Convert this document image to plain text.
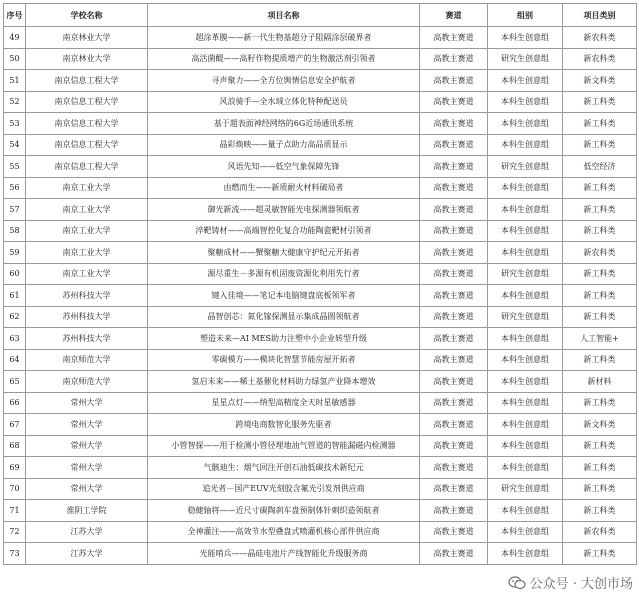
序号	学校名称	项目名称	赛道	组别	项目类别
49	南京林业大学	超涂革膜——新一代生物基超分子阻隔涂层破界者	高教主赛道	本科生创意组	新农科类
50	南京林业大学	高活菌醍——高籽作物提质增产的生物激活剂引领者	高教主赛道	研究生创意组	新农科类
51	南京信息工程大学	寻声聚力——全方位舆情信息安全护航者	高教主赛道	本科生创意组	新文科类
52	南京信息工程大学	风浪骑手—全水域立体化特种配送员	高教主赛道	本科生创意组	新工科类
53	南京信息工程大学	基于超表面神经网络的6G近场通讯系统	高教主赛道	本科生创意组	新工科类
54	南京信息工程大学	晶彩焕映——量子点助力高品质显示	高教主赛道	本科生创意组	新工科类
55	南京信息工程大学	风语先知——低空气象保障先锋	高教主赛道	研究生创意组	低空经济
56	南京工业大学	由燃而生——新质耐火材料破局者	高教主赛道	本科生创意组	新工科类
57	南京工业大学	御光新流——超灵敏智能光电探测器领航者	高教主赛道	本科生创意组	新工科类
58	南京工业大学	淬靶铸材——高端智控化复合功能陶瓷靶材引领者	高教主赛道	本科生创意组	新工科类
59	南京工业大学	聚糖成材——蟹聚糖大健康守护纪元开拓者	高教主赛道	本科生创意组	新农科类
60	南京工业大学	源尽重生－多源有机固废资源化利用先行者	高教主赛道	研究生创意组	新工科类
61	苏州科技大学	键入佳境——笔记本电脑键盘底板领军者	高教主赛道	本科生创意组	新工科类
62	苏州科技大学	晶智创芯：氮化镓探测显示集成晶圆领航者	高教主赛道	研究生创意组	新工科类
63	苏州科技大学	塑造未来—AI MES助力注塑中小企业转型升级	高教主赛道	本科生创意组	人工智能+
64	南京师范大学	零碳模方——模块化智慧节能房屋开拓者	高教主赛道	本科生创意组	新工科类
65	南京师范大学	氢启未来——稀土基催化材料助力绿氢产业降本增效	高教主赛道	本科生创意组	新材料
66	常州大学	星星点灯——纳型高精度全天时星敏感器	高教主赛道	本科生创意组	新工科类
67	常州大学	跨境电商数智化服务先驱者	高教主赛道	本科生创意组	新文科类
68	常州大学	小管智探——用于检测小管径埋地油气管道的智能漏磁内检测器	高教主赛道	本科生创意组	新工科类
69	常州大学	气骸迪生：烟气回注开创石油低碳技术新纪元	高教主赛道	本科生创意组	新工科类
70	常州大学	追光者－国产EUV光刻胶含氟光引发剂供应商	高教主赛道	研究生创意组	新工科类
71	淮阴工学院	稳健轴将——近尺寸碳陶刹车盘预制体针刺织造领航者	高教主赛道	本科生创意组	新工科类
72	江苏大学	全神灌注——高效节水型叠盘式喷灌机核心部件供应商	高教主赛道	本科生创意组	新农科类
73	江苏大学	光能哨兵——晶硅电池片产线智能化升级服务商	高教主赛道	本科生创意组	新工科类
公众号 · 大创市场
